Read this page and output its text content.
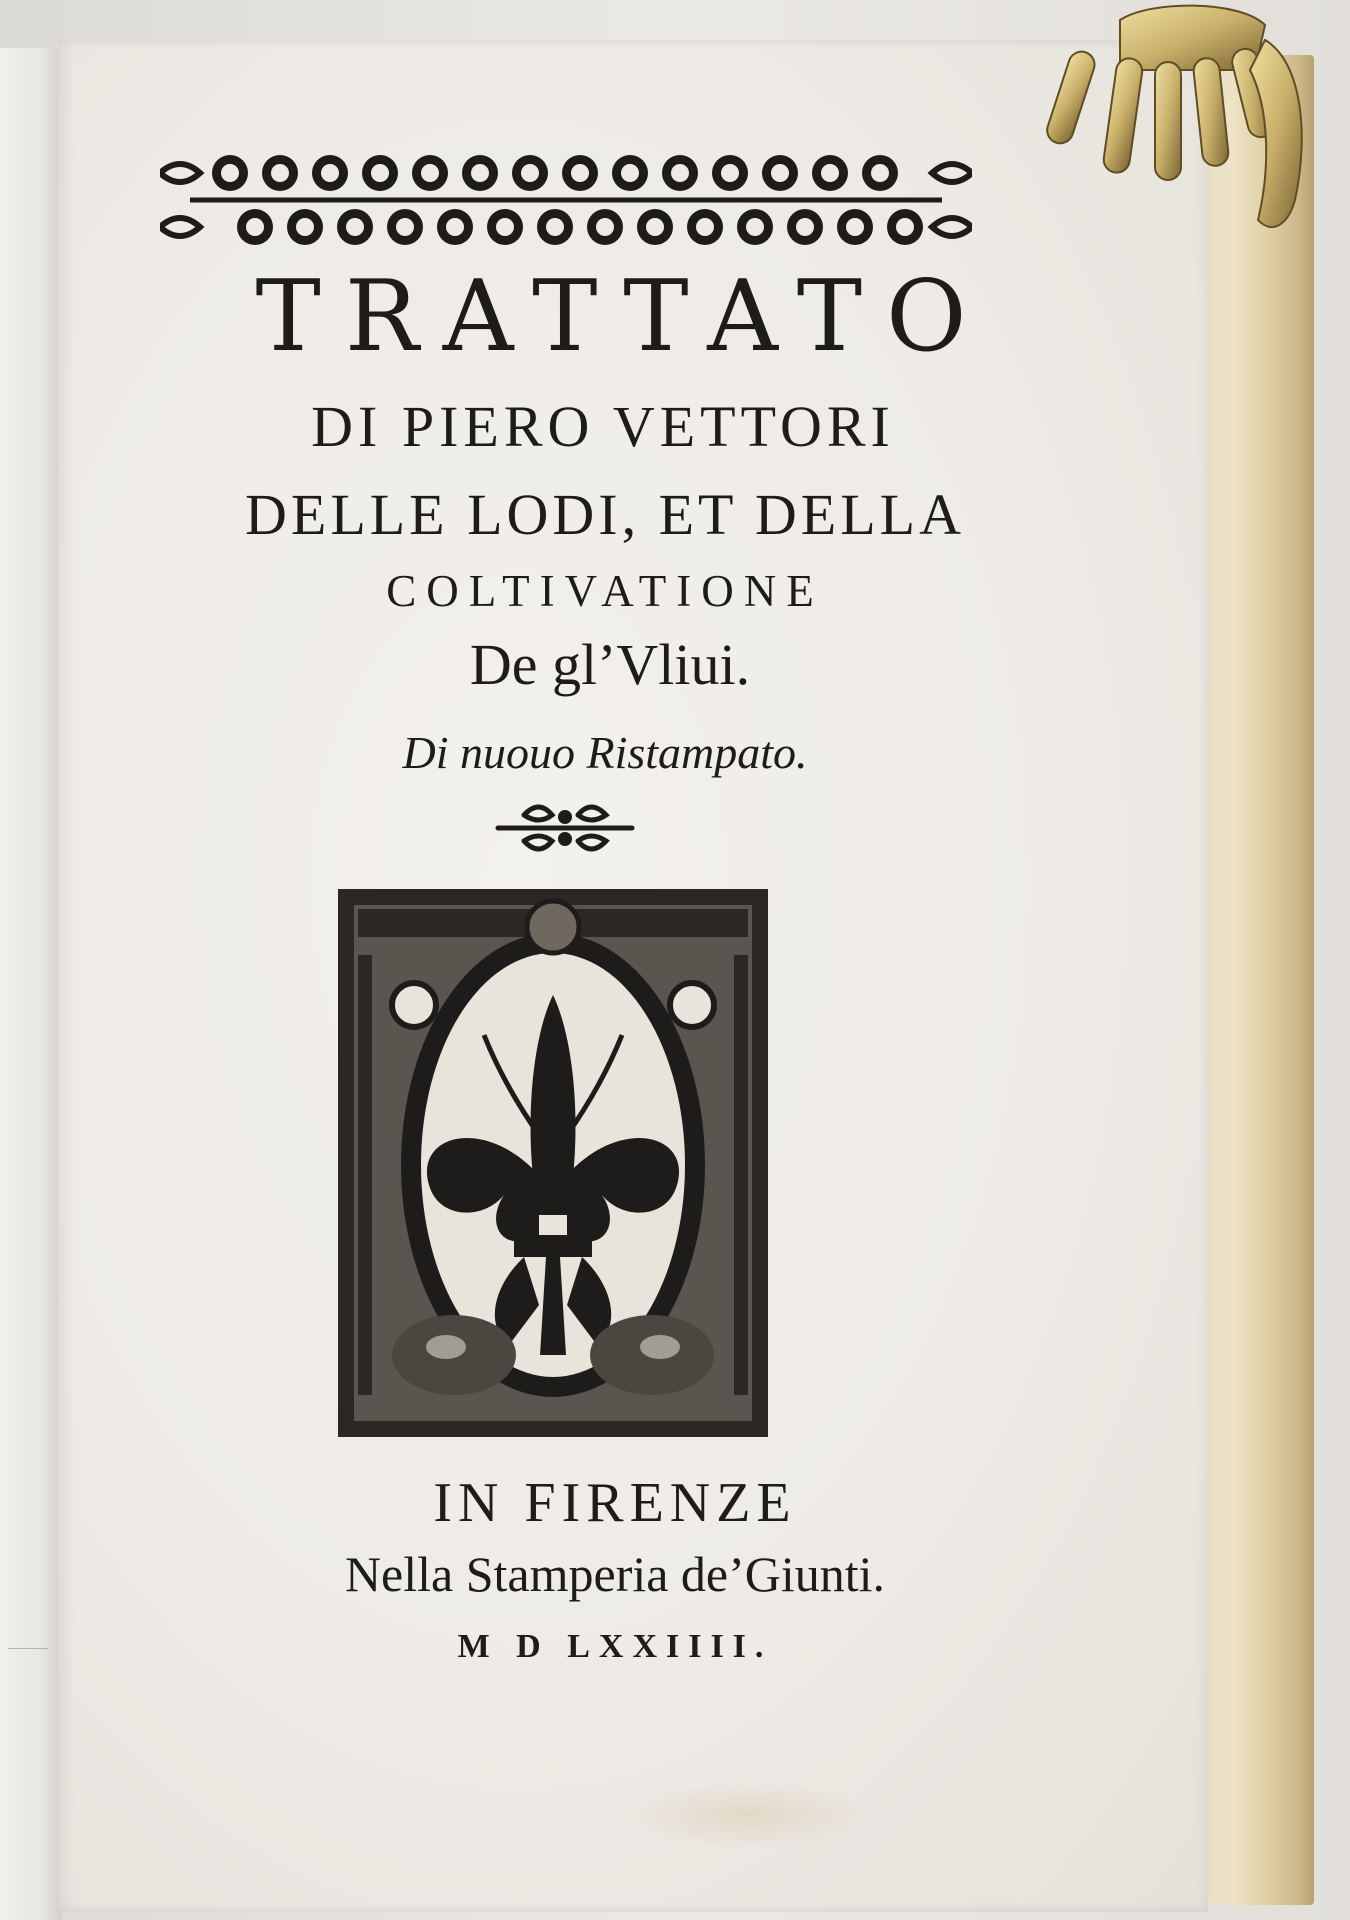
TRATTATO

DI PIERO VETTORI

DELLE LODI, ET DELLA

COLTIVATIONE

De gl’Vliui.

Di nuouo Ristampato.

IN FIRENZE

Nella Stamperia de’Giunti.

M D LXXIIII.
